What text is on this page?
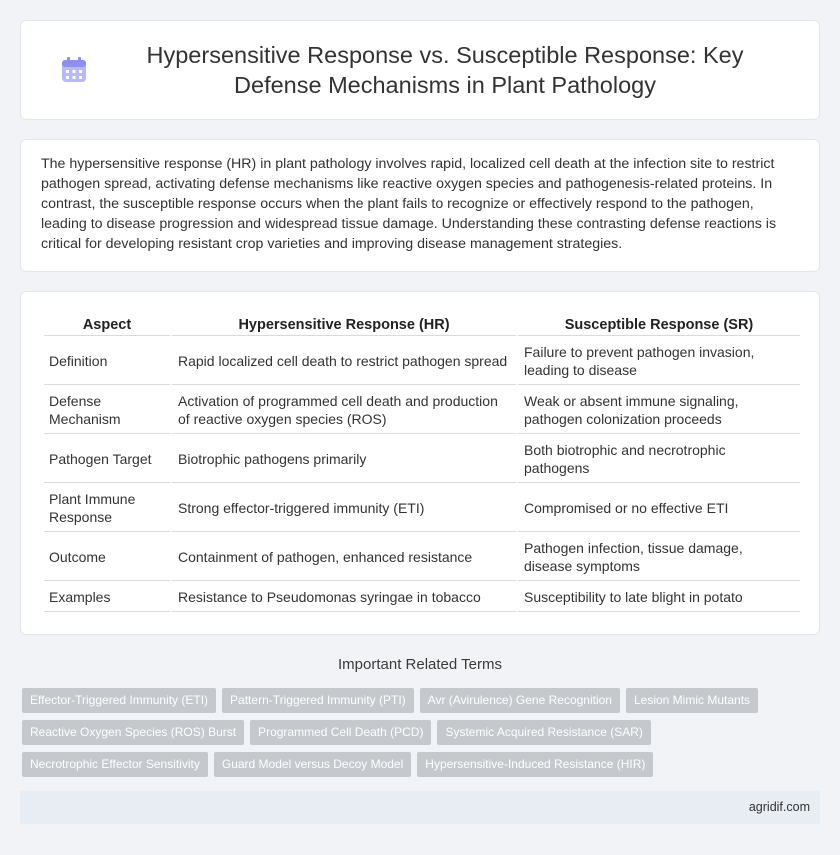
Hypersensitive Response vs. Susceptible Response: Key Defense Mechanisms in Plant Pathology

The hypersensitive response (HR) in plant pathology involves rapid, localized cell death at the infection site to restrict pathogen spread, activating defense mechanisms like reactive oxygen species and pathogenesis-related proteins. In contrast, the susceptible response occurs when the plant fails to recognize or effectively respond to the pathogen, leading to disease progression and widespread tissue damage. Understanding these contrasting defense reactions is critical for developing resistant crop varieties and improving disease management strategies.

Aspect	Hypersensitive Response (HR)	Susceptible Response (SR)
Definition	Rapid localized cell death to restrict pathogen spread	Failure to prevent pathogen invasion, leading to disease
Defense Mechanism	Activation of programmed cell death and production of reactive oxygen species (ROS)	Weak or absent immune signaling, pathogen colonization proceeds
Pathogen Target	Biotrophic pathogens primarily	Both biotrophic and necrotrophic pathogens
Plant Immune Response	Strong effector-triggered immunity (ETI)	Compromised or no effective ETI
Outcome	Containment of pathogen, enhanced resistance	Pathogen infection, tissue damage, disease symptoms
Examples	Resistance to Pseudomonas syringae in tobacco	Susceptibility to late blight in potato
Important Related Terms
Effector-Triggered Immunity (ETI)	Pattern-Triggered Immunity (PTI)	Avr (Avirulence) Gene Recognition	Lesion Mimic Mutants
Reactive Oxygen Species (ROS) Burst	Programmed Cell Death (PCD)	Systemic Acquired Resistance (SAR)
Necrotrophic Effector Sensitivity	Guard Model versus Decoy Model	Hypersensitive-Induced Resistance (HIR)
agridif.com
